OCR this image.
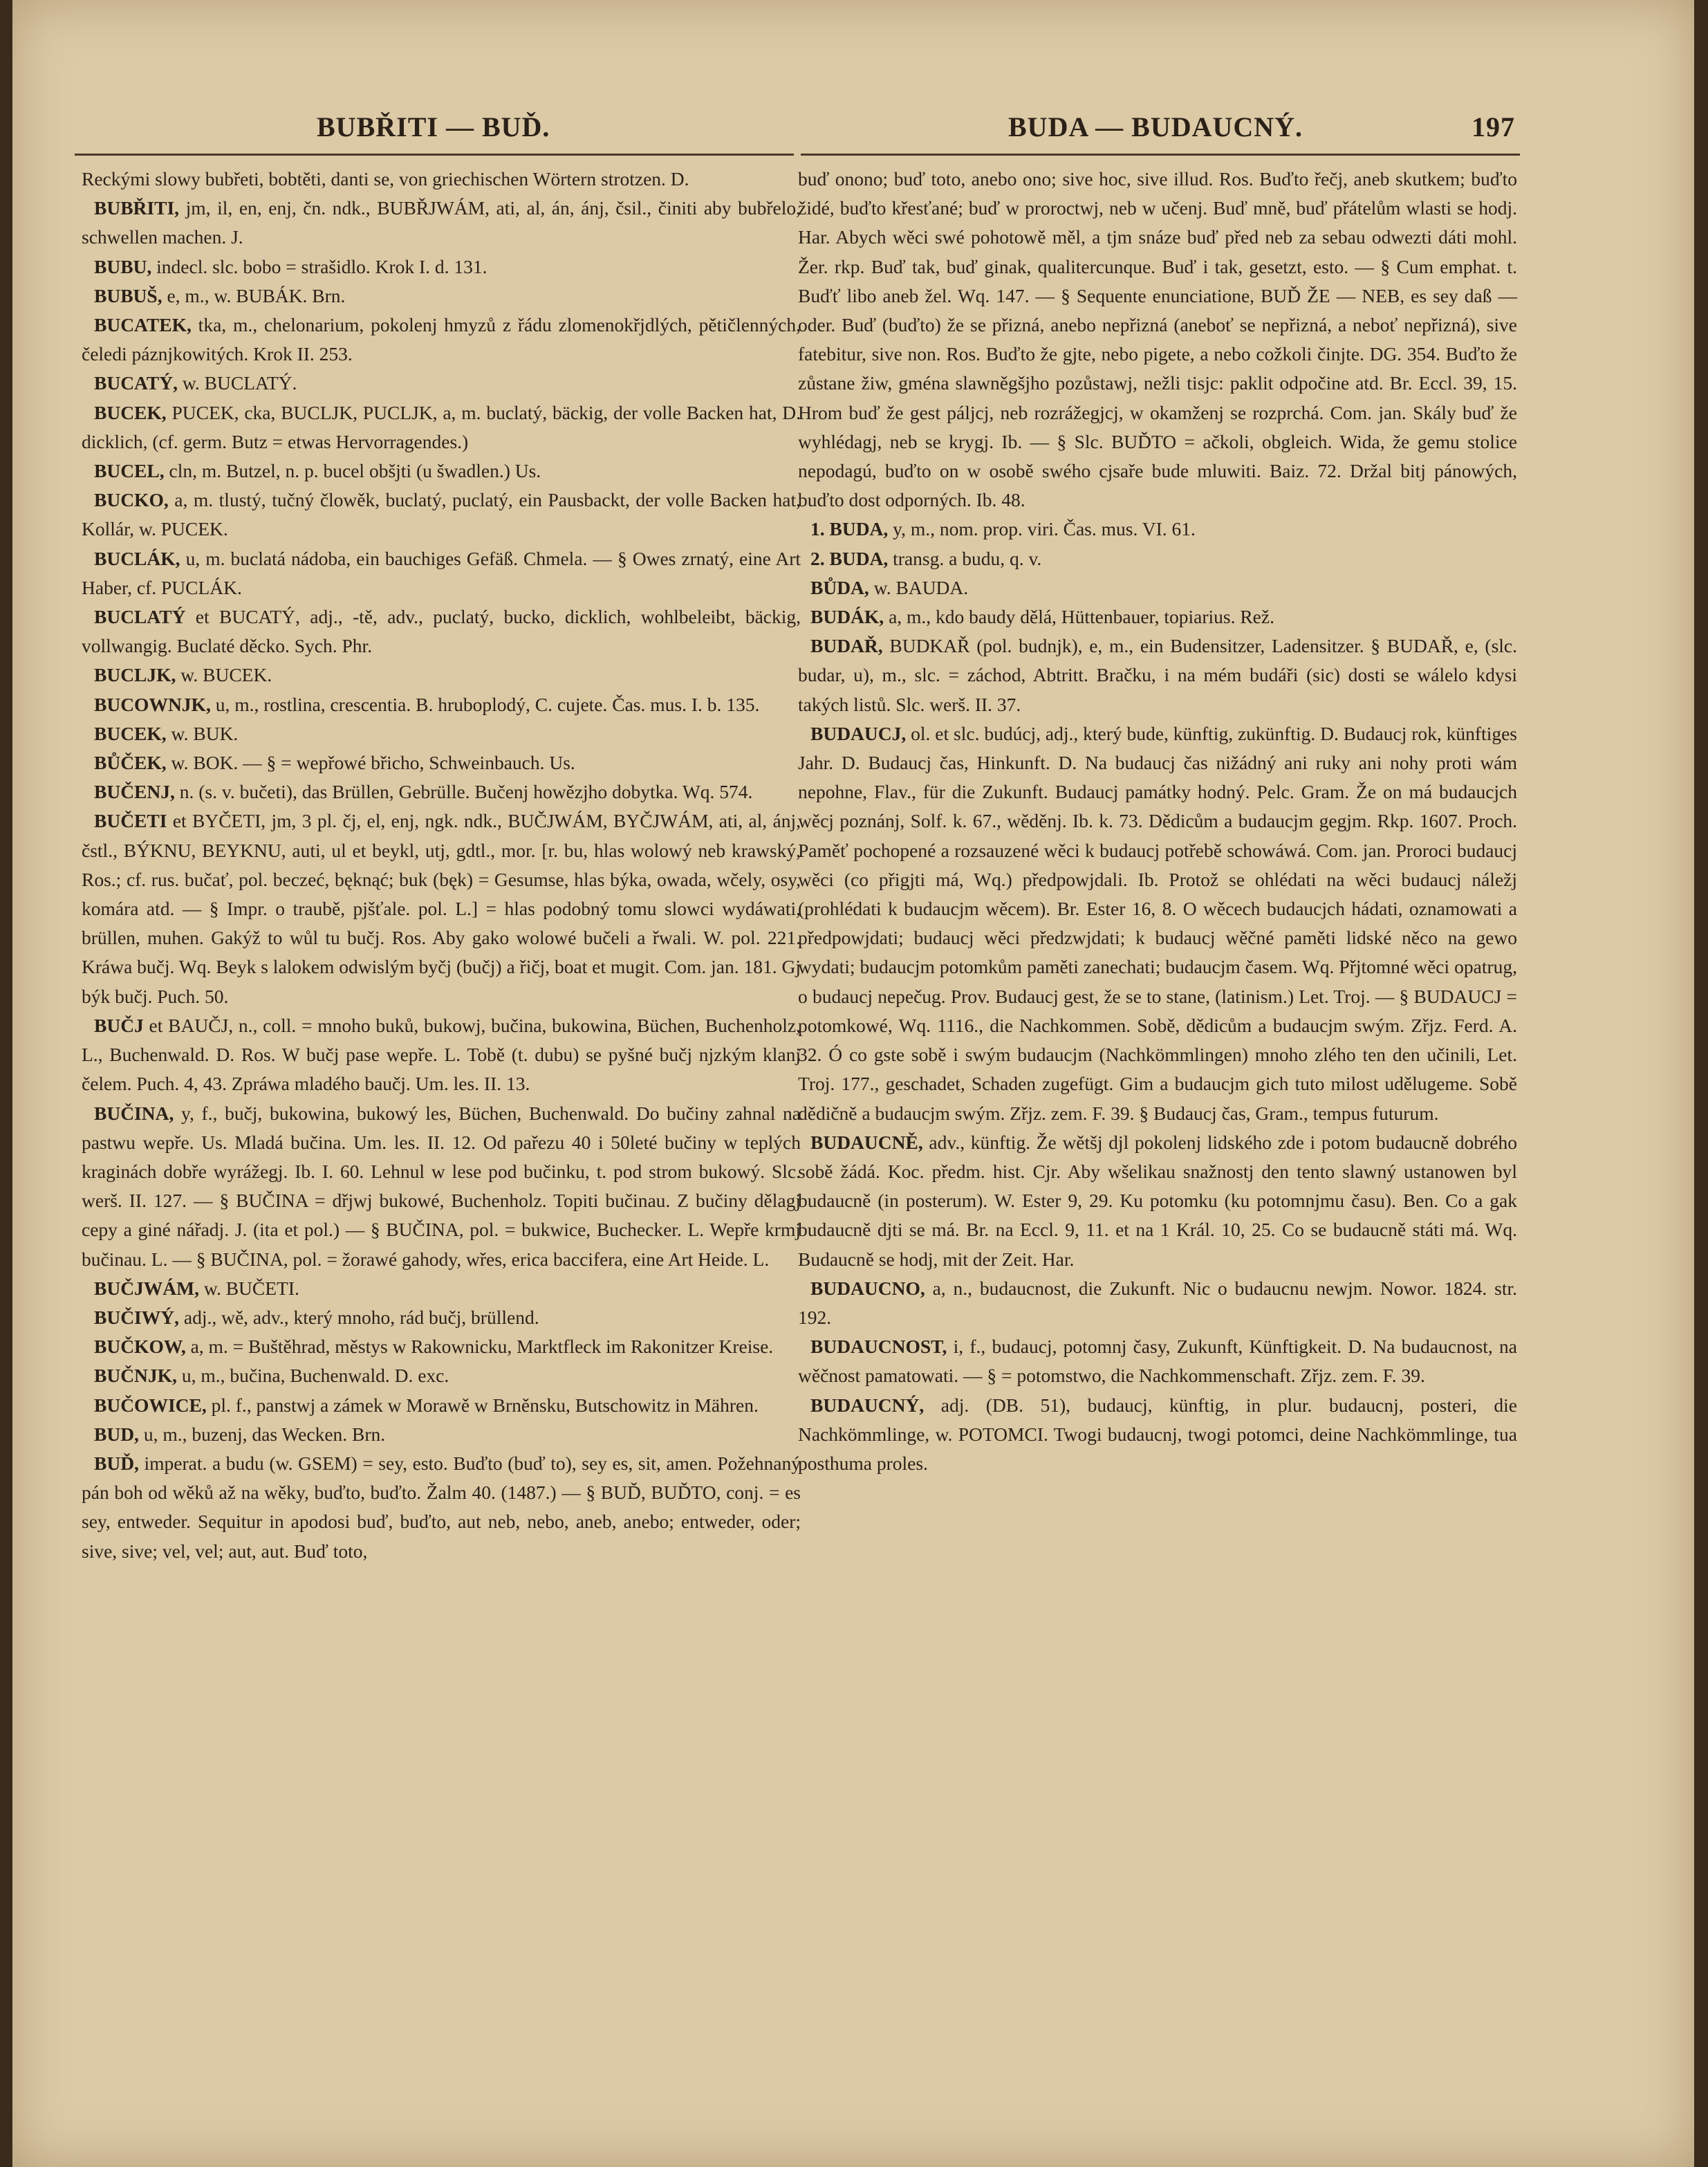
BUBŘITI — BUĎ.	BUDA — BUDAUCNÝ.	197

Reckými slowy bubřeti, bobtěti, danti se, von griechischen Wörtern strotzen. D.

BUBŘITI, jm, il, en, enj, čn. ndk., BUBŘJWÁM, ati, al, án, ánj, čsil., činiti aby bubřelo, schwellen machen. J.

BUBU, indecl. slc. bobo = strašidlo. Krok I. d. 131.

BUBUŠ, e, m., w. BUBÁK. Brn.

BUCATEK, tka, m., chelonarium, pokolenj hmyzů z řádu zlomenokřjdlých, pětičlenných, čeledi páznjkowitých. Krok II. 253.

BUCATÝ, w. BUCLATÝ.

BUCEK, PUCEK, cka, BUCLJK, PUCLJK, a, m. buclatý, bäckig, der volle Backen hat, D. dicklich, (cf. germ. Butz = etwas Hervorragendes.)

BUCEL, cln, m. Butzel, n. p. bucel obšjti (u šwadlen.) Us.

BUCKO, a, m. tlustý, tučný člowěk, buclatý, puclatý, ein Pausbackt, der volle Backen hat, Kollár, w. PUCEK.

BUCLÁK, u, m. buclatá nádoba, ein bauchiges Gefäß. Chmela. — § Owes zrnatý, eine Art Haber, cf. PUCLÁK.

BUCLATÝ et BUCATÝ, adj., -tě, adv., puclatý, bucko, dicklich, wohlbeleibt, bäckig, vollwangig. Buclaté děcko. Sych. Phr.

BUCLJK, w. BUCEK.

BUCOWNJK, u, m., rostlina, crescentia. B. hruboplodý, C. cujete. Čas. mus. I. b. 135.

BUCEK, w. BUK.

BŮČEK, w. BOK. — § = wepřowé břicho, Schweinbauch. Us.

BUČENJ, n. (s. v. bučeti), das Brüllen, Gebrülle. Bučenj howězjho dobytka. Wq. 574.

BUČETI et BYČETI, jm, 3 pl. čj, el, enj, ngk. ndk., BUČJWÁM, BYČJWÁM, ati, al, ánj, čstl., BÝKNU, BEYKNU, auti, ul et beykl, utj, gdtl., mor. [r. bu, hlas wolowý neb krawský, Ros.; cf. rus. bučať, pol. beczeć, bęknąć; buk (bęk) = Gesumse, hlas býka, owada, wčely, osy, komára atd. — § Impr. o traubě, pjšťale. pol. L.] = hlas podobný tomu slowci wydáwati, brüllen, muhen. Gakýž to wůl tu bučj. Ros. Aby gako wolowé bučeli a řwali. W. pol. 221. Kráwa bučj. Wq. Beyk s lalokem odwislým byčj (bučj) a řičj, boat et mugit. Com. jan. 181. Gj býk bučj. Puch. 50.

BUČJ et BAUČJ, n., coll. = mnoho buků, bukowj, bučina, bukowina, Büchen, Buchenholz, L., Buchenwald. D. Ros. W bučj pase wepře. L. Tobě (t. dubu) se pyšné bučj njzkým klanj čelem. Puch. 4, 43. Zpráwa mladého baučj. Um. les. II. 13.

BUČINA, y, f., bučj, bukowina, bukowý les, Büchen, Buchenwald. Do bučiny zahnal na pastwu wepře. Us. Mladá bučina. Um. les. II. 12. Od pařezu 40 i 50leté bučiny w teplých kraginách dobře wyrážegj. Ib. I. 60. Lehnul w lese pod bučinku, t. pod strom bukowý. Slc. werš. II. 127. — § BUČINA = dřjwj bukowé, Buchenholz. Topiti bučinau. Z bučiny dělagj cepy a giné nářadj. J. (ita et pol.) — § BUČINA, pol. = bukwice, Buchecker. L. Wepře krmj bučinau. L. — § BUČINA, pol. = žorawé gahody, wřes, erica baccifera, eine Art Heide. L.

BUČJWÁM, w. BUČETI.

BUČIWÝ, adj., wě, adv., který mnoho, rád bučj, brüllend.

BUČKOW, a, m. = Buštěhrad, městys w Rakownicku, Marktfleck im Rakonitzer Kreise.

BUČNJK, u, m., bučina, Buchenwald. D. exc.

BUČOWICE, pl. f., panstwj a zámek w Morawě w Brněnsku, Butschowitz in Mähren.

BUD, u, m., buzenj, das Wecken. Brn.

BUĎ, imperat. a budu (w. GSEM) = sey, esto. Buďto (buď to), sey es, sit, amen. Požehnaný pán boh od wěků až na wěky, buďto, buďto. Žalm 40. (1487.) — § BUĎ, BUĎTO, conj. = es sey, entweder. Sequitur in apodosi buď, buďto, aut neb, nebo, aneb, anebo; entweder, oder; sive, sive; vel, vel; aut, aut. Buď toto,

buď onono; buď toto, anebo ono; sive hoc, sive illud. Ros. Buďto řečj, aneb skutkem; buďto židé, buďto křesťané; buď w proroctwj, neb w učenj. Buď mně, buď přátelům wlasti se hodj. Har. Abych wěci swé pohotowě měl, a tjm snáze buď před neb za sebau odwezti dáti mohl. Žer. rkp. Buď tak, buď ginak, qualitercunque. Buď i tak, gesetzt, esto. — § Cum emphat. t. Buďť libo aneb žel. Wq. 147. — § Sequente enunciatione, BUĎ ŽE — NEB, es sey daß — oder. Buď (buďto) že se přizná, anebo nepřizná (aneboť se nepřizná, a neboť nepřizná), sive fatebitur, sive non. Ros. Buďto že gjte, nebo pigete, a nebo cožkoli činjte. DG. 354. Buďto že zůstane žiw, gména slawněgšjho pozůstawj, nežli tisjc: paklit odpočine atd. Br. Eccl. 39, 15. Hrom buď že gest páljcj, neb rozrážegjcj, w okamženj se rozprchá. Com. jan. Skály buď že wyhlédagj, neb se krygj. Ib. — § Slc. BUĎTO = ačkoli, obgleich. Wida, že gemu stolice nepodagú, buďto on w osobě swého cjsaře bude mluwiti. Baiz. 72. Držal bitj pánowých, buďto dost odporných. Ib. 48.

1. BUDA, y, m., nom. prop. viri. Čas. mus. VI. 61.

2. BUDA, transg. a budu, q. v.

BŮDA, w. BAUDA.

BUDÁK, a, m., kdo baudy dělá, Hüttenbauer, topiarius. Rež.

BUDAŘ, BUDKAŘ (pol. budnjk), e, m., ein Budensitzer, Ladensitzer. § BUDAŘ, e, (slc. budar, u), m., slc. = záchod, Abtritt. Bračku, i na mém budáři (sic) dosti se wálelo kdysi takých listů. Slc. werš. II. 37.

BUDAUCJ, ol. et slc. budúcj, adj., který bude, künftig, zukünftig. D. Budaucj rok, künftiges Jahr. D. Budaucj čas, Hinkunft. D. Na budaucj čas nižádný ani ruky ani nohy proti wám nepohne, Flav., für die Zukunft. Budaucj památky hodný. Pelc. Gram. Že on má budaucjch wěcj poznánj, Solf. k. 67., wěděnj. Ib. k. 73. Dědicům a budaucjm gegjm. Rkp. 1607. Proch. Paměť pochopené a rozsauzené wěci k budaucj potřebě schowáwá. Com. jan. Proroci budaucj wěci (co přigjti má, Wq.) předpowjdali. Ib. Protož se ohlédati na wěci budaucj náležj (prohlédati k budaucjm wěcem). Br. Ester 16, 8. O wěcech budaucjch hádati, oznamowati a předpowjdati; budaucj wěci předzwjdati; k budaucj wěčné paměti lidské něco na gewo wydati; budaucjm potomkům paměti zanechati; budaucjm časem. Wq. Přjtomné wěci opatrug, o budaucj nepečug. Prov. Budaucj gest, že se to stane, (latinism.) Let. Troj. — § BUDAUCJ = potomkowé, Wq. 1116., die Nachkommen. Sobě, dědicům a budaucjm swým. Zřjz. Ferd. A. 32. Ó co gste sobě i swým budaucjm (Nachkömmlingen) mnoho zlého ten den učinili, Let. Troj. 177., geschadet, Schaden zugefügt. Gim a budaucjm gich tuto milost udělugeme. Sobě dědičně a budaucjm swým. Zřjz. zem. F. 39. § Budaucj čas, Gram., tempus futurum.

BUDAUCNĚ, adv., künftig. Že wětšj djl pokolenj lidského zde i potom budaucně dobrého sobě žádá. Koc. předm. hist. Cjr. Aby wšelikau snažnostj den tento slawný ustanowen byl budaucně (in posterum). W. Ester 9, 29. Ku potomku (ku potomnjmu času). Ben. Co a gak budaucně djti se má. Br. na Eccl. 9, 11. et na 1 Král. 10, 25. Co se budaucně státi má. Wq. Budaucně se hodj, mit der Zeit. Har.

BUDAUCNO, a, n., budaucnost, die Zukunft. Nic o budaucnu newjm. Nowor. 1824. str. 192.

BUDAUCNOST, i, f., budaucj, potomnj časy, Zukunft, Künftigkeit. D. Na budaucnost, na wěčnost pamatowati. — § = potomstwo, die Nachkommenschaft. Zřjz. zem. F. 39.

BUDAUCNÝ, adj. (DB. 51), budaucj, künftig, in plur. budaucnj, posteri, die Nachkömmlinge, w. POTOMCI. Twogi budaucnj, twogi potomci, deine Nachkömmlinge, tua posthuma proles.
